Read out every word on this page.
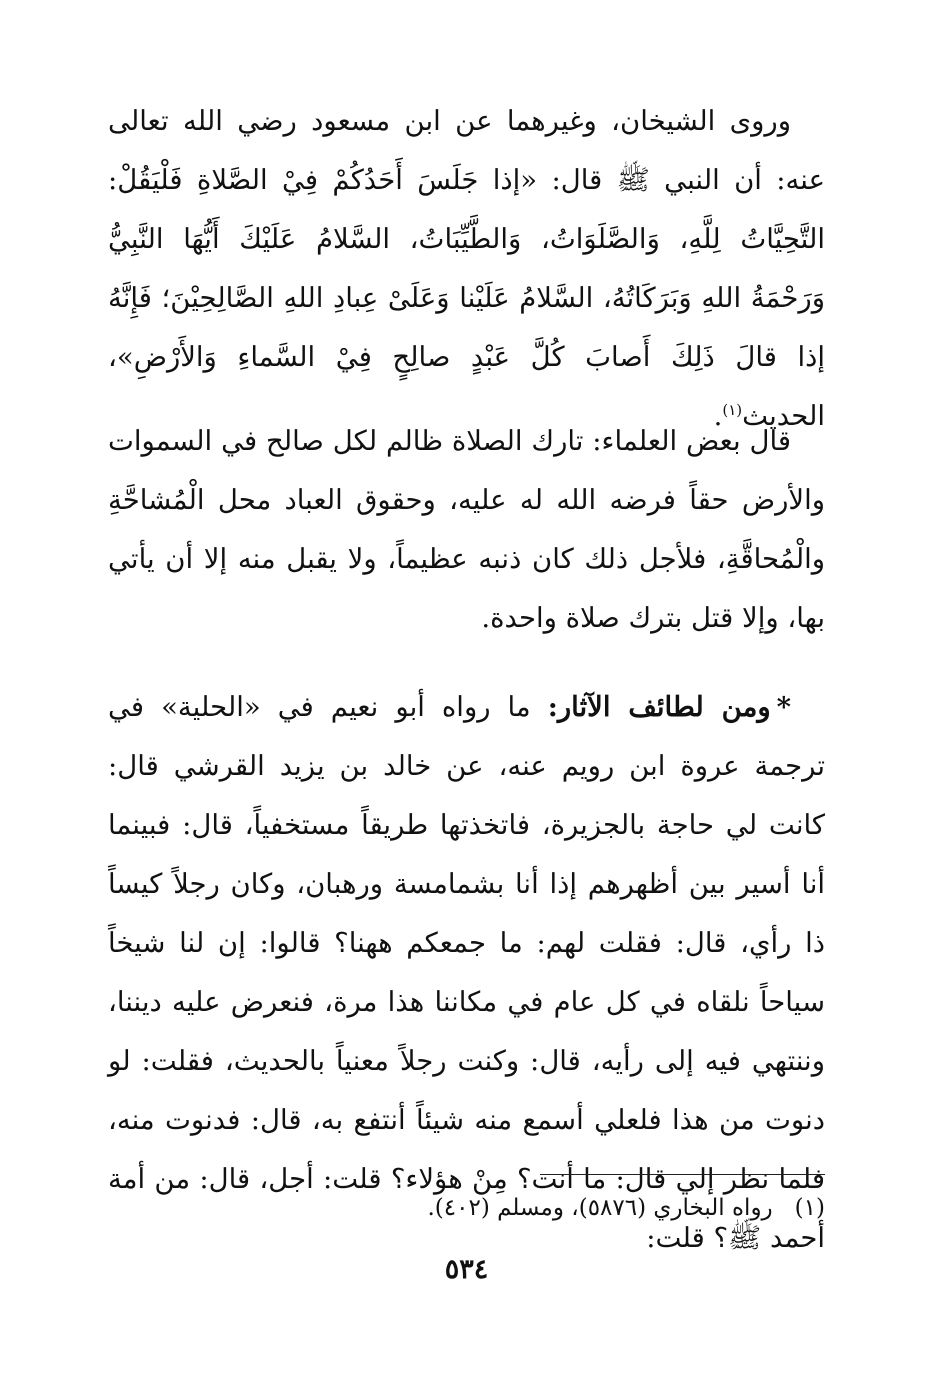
وروى الشيخان، وغيرهما عن ابن مسعود رضي الله تعالى عنه: أن النبي ﷺ قال: «إذا جَلَسَ أَحَدُكُمْ فِيْ الصَّلاةِ فَلْيَقُلْ: التَّحِيَّاتُ لِلَّهِ، وَالصَّلَوَاتُ، وَالطَّيِّبَاتُ، السَّلامُ عَلَيْكَ أَيُّهَا النَّبِيُّ وَرَحْمَةُ اللهِ وَبَرَكَاتُهُ، السَّلامُ عَلَيْنا وَعَلَىْ عِبادِ اللهِ الصَّالِحِيْنَ؛ فَإِنَّهُ إذا قالَ ذَلِكَ أَصابَ كُلَّ عَبْدٍ صالِحٍ فِيْ السَّماءِ وَالأَرْضِ»، الحديث$^{(١)}$.

قال بعض العلماء: تارك الصلاة ظالم لكل صالح في السموات والأرض حقاً فرضه الله له عليه، وحقوق العباد محل الْمُشاحَّةِ والْمُحاقَّةِ، فلأجل ذلك كان ذنبه عظيماً، ولا يقبل منه إلا أن يأتي بها، وإلا قتل بترك صلاة واحدة.

*ومن لطائف الآثار: ما رواه أبو نعيم في «الحلية» في ترجمة عروة ابن رويم عنه، عن خالد بن يزيد القرشي قال: كانت لي حاجة بالجزيرة، فاتخذتها طريقاً مستخفياً، قال: فبينما أنا أسير بين أظهرهم إذا أنا بشمامسة ورهبان، وكان رجلاً كيساً ذا رأي، قال: فقلت لهم: ما جمعكم ههنا؟ قالوا: إن لنا شيخاً سياحاً نلقاه في كل عام في مكاننا هذا مرة، فنعرض عليه ديننا، وننتهي فيه إلى رأيه، قال: وكنت رجلاً معنياً بالحديث، فقلت: لو دنوت من هذا فلعلي أسمع منه شيئاً أنتفع به، قال: فدنوت منه، فلما نظر إلي قال: ما أنت؟ مِنْ هؤلاء؟ قلت: أجل، قال: من أمة أحمد ﷺ؟ قلت:

(١)رواه البخاري (٥٨٧٦)، ومسلم (٤٠٢).
٥٣٤
